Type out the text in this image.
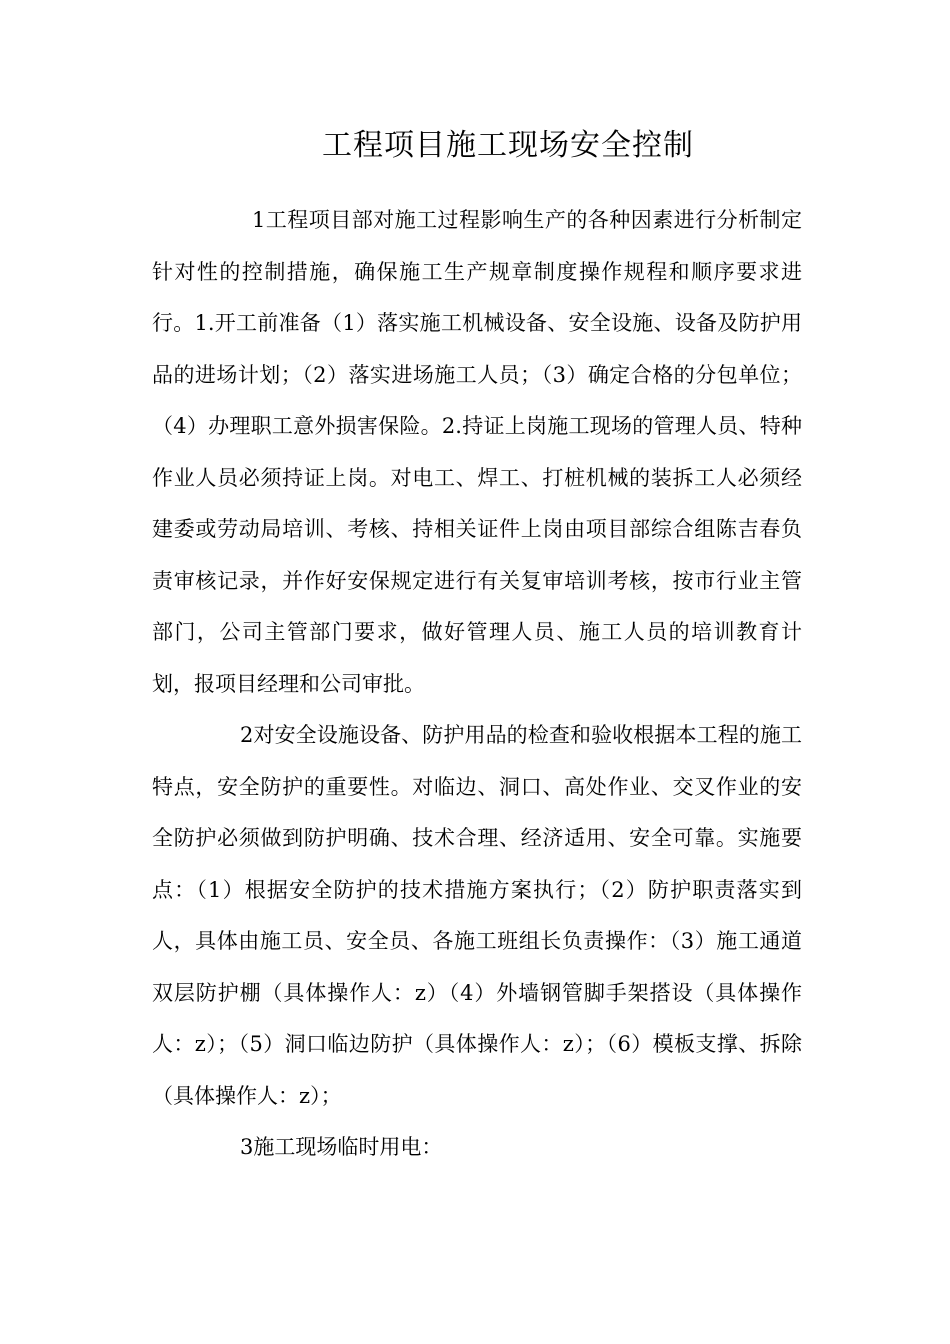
工程项目施工现场安全控制

1工程项目部对施工过程影响生产的各种因素进行分析制定针对性的控制措施，确保施工生产规章制度操作规程和顺序要求进行。1.开工前准备（1）落实施工机械设备、安全设施、设备及防护用品的进场计划；（2）落实进场施工人员；（3）确定合格的分包单位；（4）办理职工意外损害保险。2.持证上岗施工现场的管理人员、特种作业人员必须持证上岗。对电工、焊工、打桩机械的装拆工人必须经建委或劳动局培训、考核、持相关证件上岗由项目部综合组陈吉春负责审核记录，并作好安保规定进行有关复审培训考核，按市行业主管部门，公司主管部门要求，做好管理人员、施工人员的培训教育计划，报项目经理和公司审批。

2对安全设施设备、防护用品的检查和验收根据本工程的施工特点，安全防护的重要性。对临边、洞口、高处作业、交叉作业的安全防护必须做到防护明确、技术合理、经济适用、安全可靠。实施要点：（1）根据安全防护的技术措施方案执行；（2）防护职责落实到人，具体由施工员、安全员、各施工班组长负责操作：（3）施工通道双层防护棚（具体操作人：z）（4）外墙钢管脚手架搭设（具体操作人：z）；（5）洞口临边防护（具体操作人：z）；（6）模板支撑、拆除（具体操作人：z）；

3施工现场临时用电：
